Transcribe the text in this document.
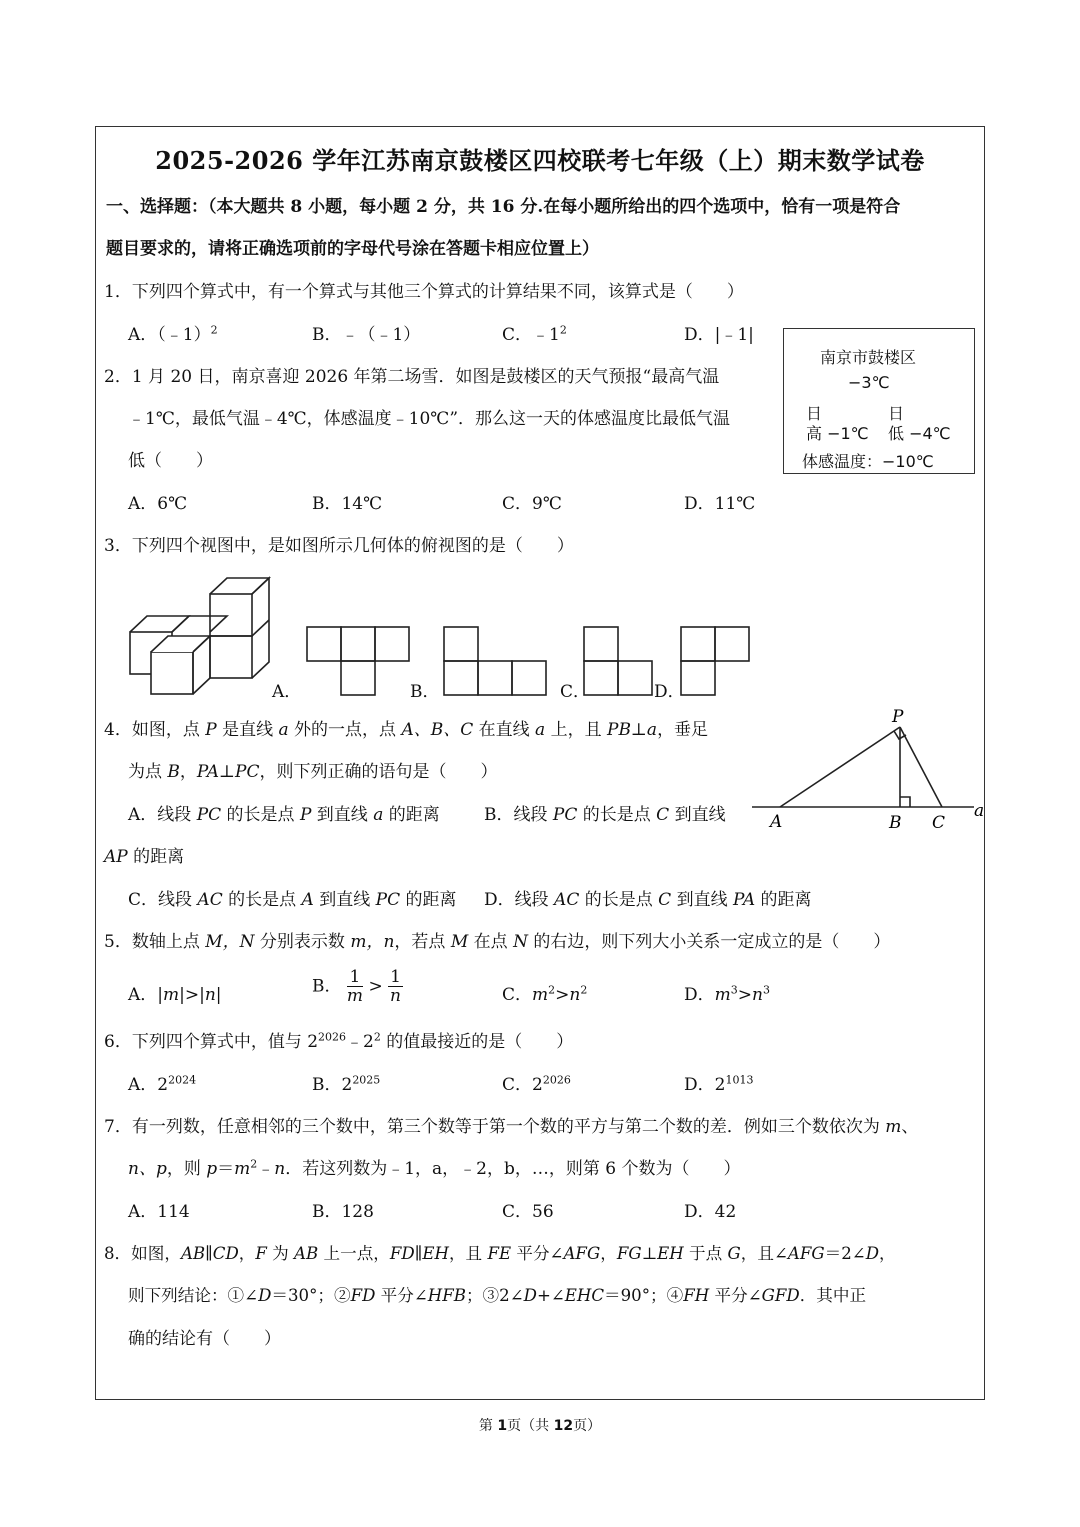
2025-2026 学年江苏南京鼓楼区四校联考七年级（上）期末数学试卷
一、选择题：（本大题共 8 小题，每小题 2 分，共 16 分.在每小题所给出的四个选项中，恰有一项是符合
题目要求的，请将正确选项前的字母代号涂在答题卡相应位置上）
1．下列四个算式中，有一个算式与其他三个算式的计算结果不同，该算式是（　　）
A．（﹣1）$^2$	B．﹣（﹣1）	C．$﹣1^2$	D．|﹣1|
2．1 月 20 日，南京喜迎 2026 年第二场雪．如图是鼓楼区的天气预报“最高气温
﹣1℃，最低气温﹣4℃，体感温度﹣10℃”．那么这一天的体感温度比最低气温
低（　　）
A．6℃	B．14℃	C．9℃	D．11℃
南京市鼓楼区
−3℃
日	日
高 −1℃ 低 −4℃
体感温度：−10℃
3．下列四个视图中，是如图所示几何体的俯视图的是（　　）
A．	B．	C．	D．
4．如图，点 P 是直线 a 外的一点，点 A、B、C 在直线 a 上，且 PB⊥a，垂足
为点 B，PA⊥PC，则下列正确的语句是（　　）
A．线段 PC 的长是点 P 到直线 a 的距离	B．线段 PC 的长是点 C 到直线
AP 的距离
C．线段 AC 的长是点 A 到直线 PC 的距离 D．线段 AC 的长是点 C 到直线 PA 的距离
P
A	B C
a
5．数轴上点 M，N 分别表示数 m，n，若点 M 在点 N 的右边，则下列大小关系一定成立的是（　　）
A．|m|>|n|	B． $\frac{1}{m} > \frac{1}{n}$	C．$m^2>n^2$	D．$m^3>n^3$
6．下列四个算式中，值与 $2^{2026}﹣2^2$ 的值最接近的是（　　）
A．$2^{2024}$	B．$2^{2025}$	C．$2^{2026}$	D．$2^{1013}$
7．有一列数，任意相邻的三个数中，第三个数等于第一个数的平方与第二个数的差．例如三个数依次为 m、
n、p，则 $p=m^2﹣n$．若这列数为﹣1，a，﹣2，b，…，则第 6 个数为（　　）
A．114	B．128	C．56	D．42
8．如图，AB∥CD，F 为 AB 上一点，FD∥EH，且 FE 平分∠AFG，FG⊥EH 于点 G，且∠AFG＝2∠D，
则下列结论：①∠D＝30°；②FD 平分∠HFB；③2∠D+∠EHC＝90°；④FH 平分∠GFD．其中正
确的结论有（　　）
第 1页（共 12页）
